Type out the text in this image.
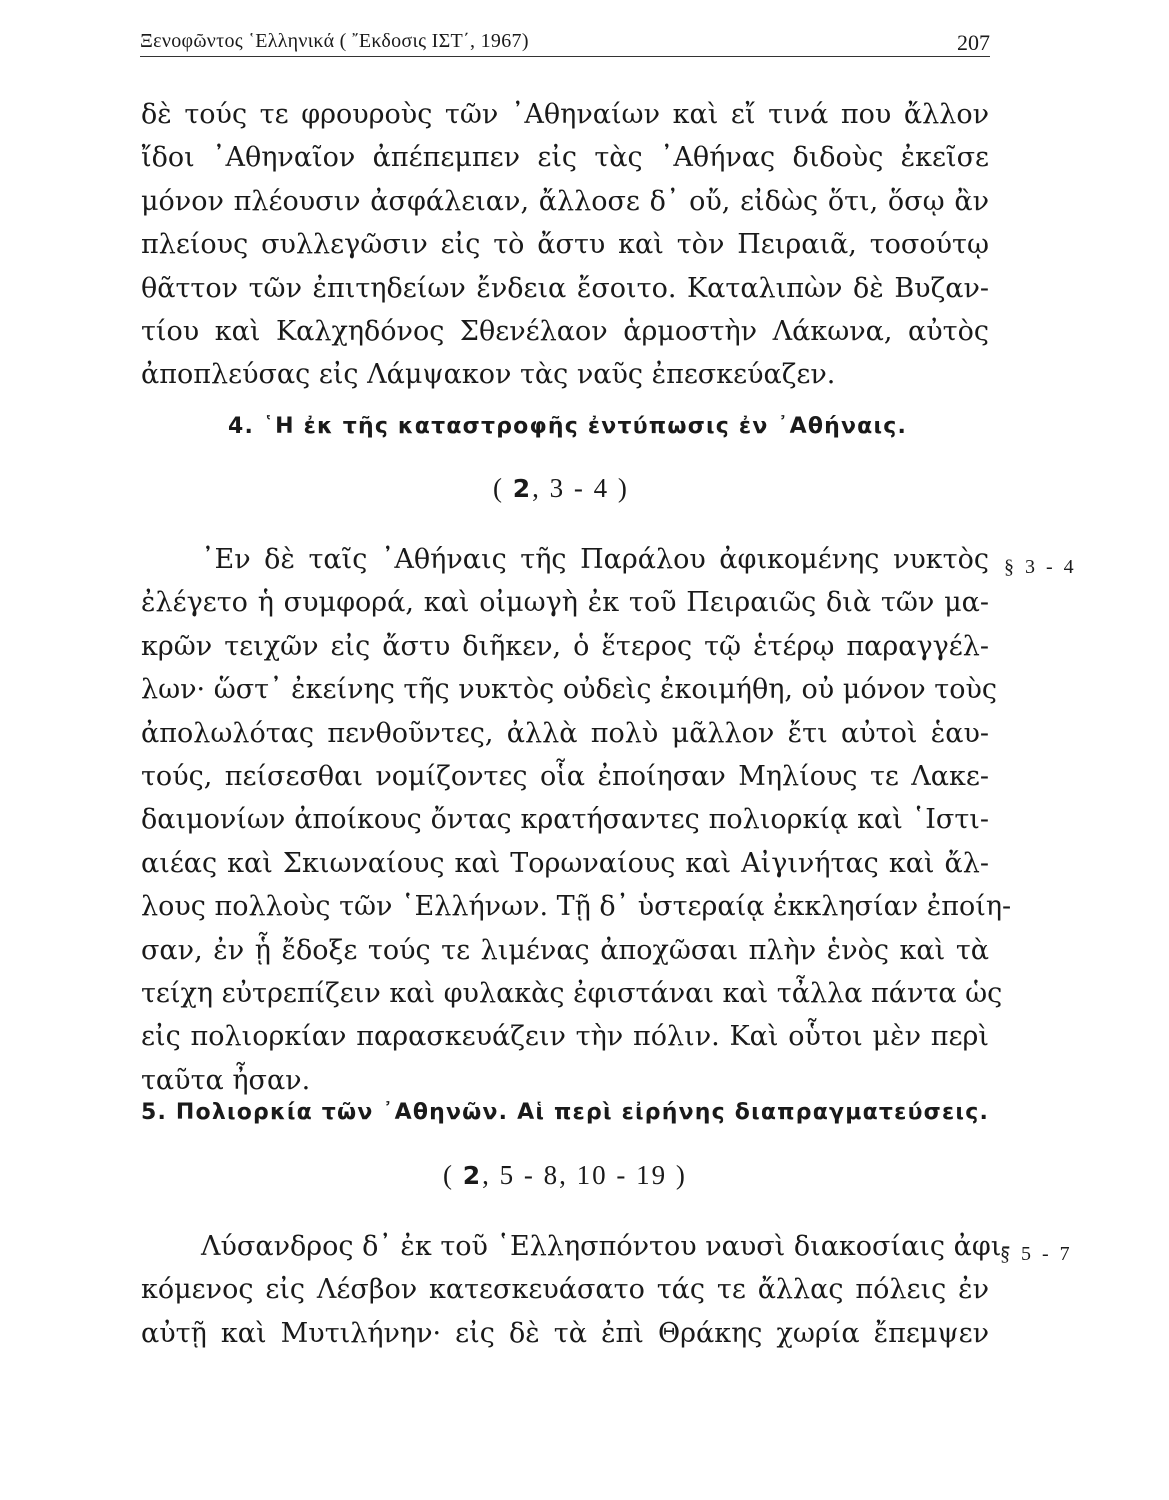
Ξενοφῶντος ῾Ελληνικά ( ῎Εκδοσις ΙΣΤ΄, 1967)	207
δὲ τούς τε φρουροὺς τῶν ᾿Αθηναίων καὶ εἴ τινά που ἄλλον
ἴδοι ᾿Αθηναῖον ἀπέπεμπεν εἰς τὰς ᾿Αθήνας διδοὺς ἐκεῖσε
μόνον πλέουσιν ἀσφάλειαν, ἄλλοσε δ᾿ οὔ, εἰδὼς ὅτι, ὅσῳ ἂν
πλείους συλλεγῶσιν εἰς τὸ ἄστυ καὶ τὸν Πειραιᾶ, τοσούτῳ
θᾶττον τῶν ἐπιτηδείων ἔνδεια ἔσοιτο. Καταλιπὼν δὲ Βυζαν-
τίου καὶ Καλχηδόνος Σθενέλαον ἁρμοστὴν Λάκωνα, αὐτὸς
ἀποπλεύσας εἰς Λάμψακον τὰς ναῦς ἐπεσκεύαζεν.
4. ῾Η ἐκ τῆς καταστροφῆς ἐντύπωσις ἐν ᾿Αθήναις.
( 2, 3 - 4 )
᾿Εν δὲ ταῖς ᾿Αθήναις τῆς Παράλου ἀφικομένης νυκτὸς
ἐλέγετο ἡ συμφορά, καὶ οἰμωγὴ ἐκ τοῦ Πειραιῶς διὰ τῶν μα-
κρῶν τειχῶν εἰς ἄστυ διῆκεν, ὁ ἕτερος τῷ ἑτέρῳ παραγγέλ-
λων· ὥστ᾿ ἐκείνης τῆς νυκτὸς οὐδεὶς ἐκοιμήθη, οὐ μόνον τοὺς
ἀπολωλότας πενθοῦντες, ἀλλὰ πολὺ μᾶλλον ἔτι αὐτοὶ ἑαυ-
τούς, πείσεσθαι νομίζοντες οἷα ἐποίησαν Μηλίους τε Λακε-
δαιμονίων ἀποίκους ὄντας κρατήσαντες πολιορκίᾳ καὶ ῾Ιστι-
αιέας καὶ Σκιωναίους καὶ Τορωναίους καὶ Αἰγινήτας καὶ ἄλ-
λους πολλοὺς τῶν ῾Ελλήνων. Τῇ δ᾿ ὑστεραίᾳ ἐκκλησίαν ἐποίη-
σαν, ἐν ᾗ ἔδοξε τούς τε λιμένας ἀποχῶσαι πλὴν ἑνὸς καὶ τὰ
τείχη εὐτρεπίζειν καὶ φυλακὰς ἐφιστάναι καὶ τἆλλα πάντα ὡς
εἰς πολιορκίαν παρασκευάζειν τὴν πόλιν. Καὶ οὗτοι μὲν περὶ
ταῦτα ἦσαν.
§ 3 - 4
5. Πολιορκία τῶν ᾿Αθηνῶν. Αἱ περὶ εἰρήνης διαπραγματεύσεις.
( 2, 5 - 8, 10 - 19 )
Λύσανδρος δ᾿ ἐκ τοῦ ῾Ελλησπόντου ναυσὶ διακοσίαις ἀφι-
κόμενος εἰς Λέσβον κατεσκευάσατο τάς τε ἄλλας πόλεις ἐν
αὐτῇ καὶ Μυτιλήνην· εἰς δὲ τὰ ἐπὶ Θράκης χωρία ἔπεμψεν
§ 5 - 7
